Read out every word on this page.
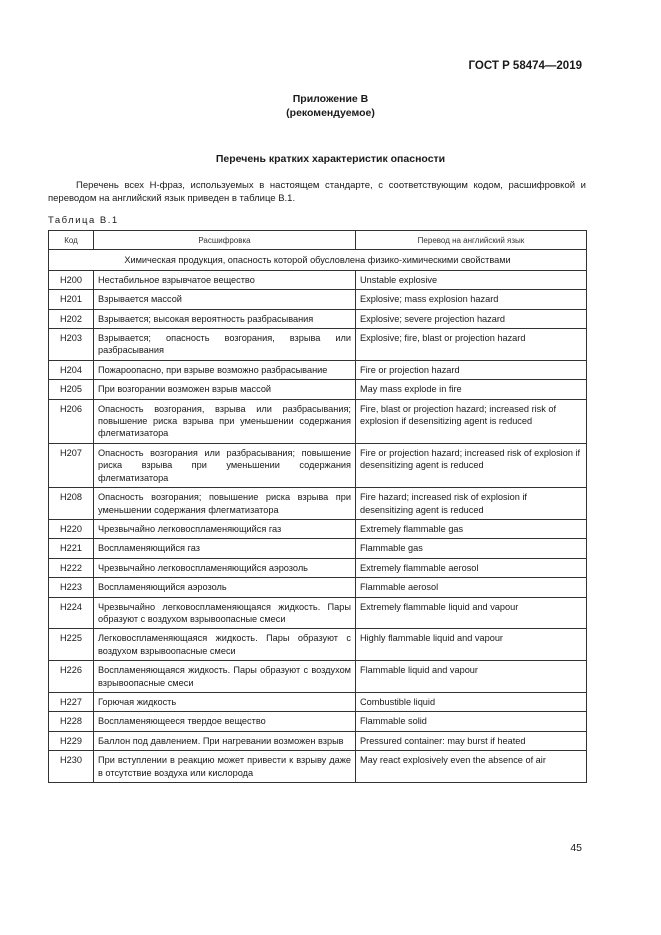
ГОСТ Р 58474—2019
Приложение В
(рекомендуемое)
Перечень кратких характеристик опасности
Перечень всех H-фраз, используемых в настоящем стандарте, с соответствующим кодом, расшифровкой и переводом на английский язык приведен в таблице В.1.
Таблица В.1
Код	Расшифровка	Перевод на английский язык
Химическая продукция, опасность которой обусловлена физико-химическими свойствами		
H200	Нестабильное взрывчатое вещество	Unstable explosive
H201	Взрывается массой	Explosive; mass explosion hazard
H202	Взрывается; высокая вероятность разбрасывания	Explosive; severe projection hazard
H203	Взрывается; опасность возгорания, взрыва или разбрасывания	Explosive; fire, blast or projection hazard
H204	Пожароопасно, при взрыве возможно разбрасывание	Fire or projection hazard
H205	При возгорании возможен взрыв массой	May mass explode in fire
H206	Опасность возгорания, взрыва или разбрасывания; повышение риска взрыва при уменьшении содержания флегматизатора	Fire, blast or projection hazard; increased risk of explosion if desensitizing agent is reduced
H207	Опасность возгорания или разбрасывания; повышение риска взрыва при уменьшении содержания флегматизатора	Fire or projection hazard; increased risk of explosion if desensitizing agent is reduced
H208	Опасность возгорания; повышение риска взрыва при уменьшении содержания флегматизатора	Fire hazard; increased risk of explosion if desensitizing agent is reduced
H220	Чрезвычайно легковоспламеняющийся газ	Extremely flammable gas
H221	Воспламеняющийся газ	Flammable gas
H222	Чрезвычайно легковоспламеняющийся аэрозоль	Extremely flammable aerosol
H223	Воспламеняющийся аэрозоль	Flammable aerosol
H224	Чрезвычайно легковоспламеняющаяся жидкость. Пары образуют с воздухом взрывоопасные смеси	Extremely flammable liquid and vapour
H225	Легковоспламеняющаяся жидкость. Пары образуют с воздухом взрывоопасные смеси	Highly flammable liquid and vapour
H226	Воспламеняющаяся жидкость. Пары образуют с воздухом взрывоопасные смеси	Flammable liquid and vapour
H227	Горючая жидкость	Combustible liquid
H228	Воспламеняющееся твердое вещество	Flammable solid
H229	Баллон под давлением. При нагревании возможен взрыв	Pressured container: may burst if heated
H230	При вступлении в реакцию может привести к взрыву даже в отсутствие воздуха или кислорода	May react explosively even the absence of air
45
